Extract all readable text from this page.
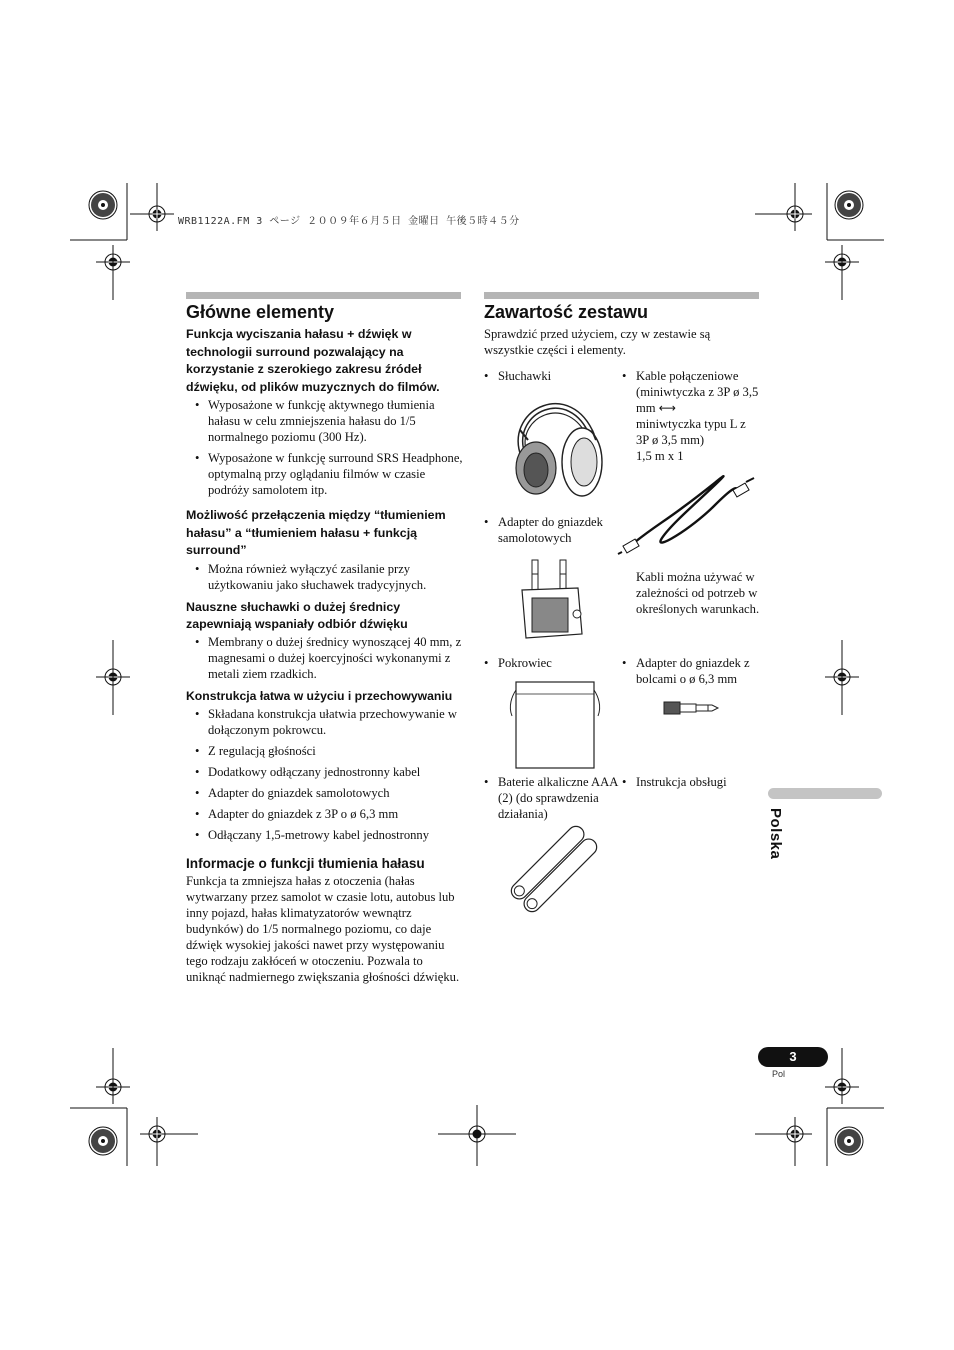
WRB1122A.FM 3 ページ ２００９年６月５日 金曜日 午後５時４５分
Główne elementy

Funkcja wyciszania hałasu + dźwięk w technologii surround pozwalający na korzystanie z szerokiego zakresu źródeł dźwięku, od plików muzycznych do filmów.

• Wyposażone w funkcję aktywnego tłumienia hałasu w celu zmniejszenia hałasu do 1/5 normalnego poziomu (300 Hz).
• Wyposażone w funkcję surround SRS Headphone, optymalną przy oglądaniu filmów w czasie podróży samolotem itp.

Możliwość przełączenia między “tłumieniem hałasu” a “tłumieniem hałasu + funkcją surround”

• Można również wyłączyć zasilanie przy użytkowaniu jako słuchawek tradycyjnych.

Nauszne słuchawki o dużej średnicy zapewniają wspaniały odbiór dźwięku

• Membrany o dużej średnicy wynoszącej 40 mm, z magnesami o dużej koercyjności wykonanymi z metali ziem rzadkich.

Konstrukcja łatwa w użyciu i przechowywaniu

• Składana konstrukcja ułatwia przechowywanie w dołączonym pokrowcu.
• Z regulacją głośności
• Dodatkowy odłączany jednostronny kabel
• Adapter do gniazdek samolotowych
• Adapter do gniazdek z 3P o ø 6,3 mm
• Odłączany 1,5-metrowy kabel jednostronny

Informacje o funkcji tłumienia hałasu

Funkcja ta zmniejsza hałas z otoczenia (hałas wytwarzany przez samolot w czasie lotu, autobus lub inny pojazd, hałas klimatyzatorów wewnątrz budynków) do 1/5 normalnego poziomu, co daje dźwięk wysokiej jakości nawet przy występowaniu tego rodzaju zakłóceń w otoczeniu. Pozwala to uniknąć nadmiernego zwiększania głośności dźwięku.
Zawartość zestawu
Sprawdzić przed użyciem, czy w zestawie są wszystkie części i elementy.
• Słuchawki	• Kable połączeniowe (miniwtyczka z 3P ø 3,5 mm ⟷
miniwtyczka typu L z 3P ø 3,5 mm)
1,5 m x 1
• Adapter do gniazdek samolotowych
Kabli można używać w zależności od potrzeb w określonych warunkach.
• Pokrowiec	• Adapter do gniazdek z bolcami o ø 6,3 mm
• Baterie alkaliczne AAA (2) (do sprawdzenia działania)
• Instrukcja obsługi
Polska
3
Pol
